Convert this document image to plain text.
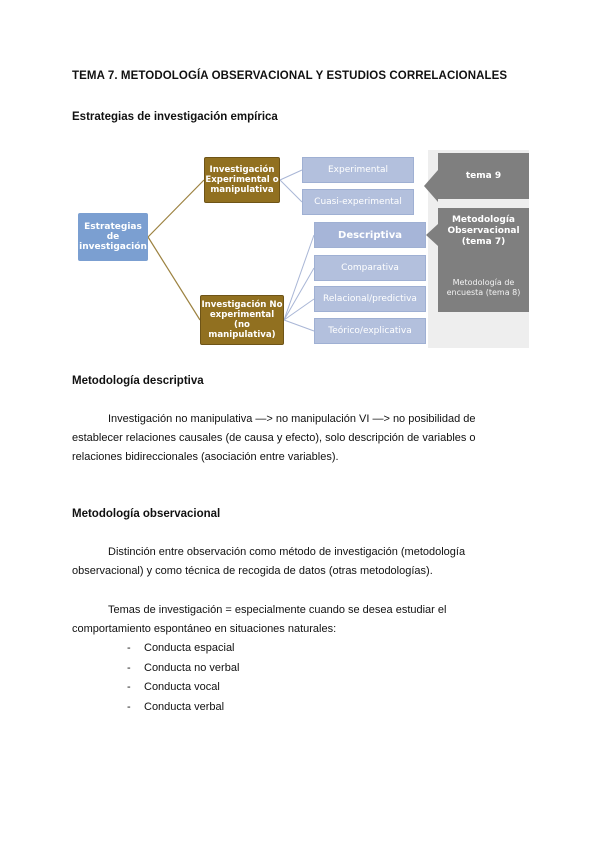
TEMA 7. METODOLOGÍA OBSERVACIONAL Y ESTUDIOS CORRELACIONALES
Estrategias de investigación empírica
Estrategias de investigación
Investigación Experimental o manipulativa
Investigación No experimental (no manipulativa)
Experimental
Cuasi-experimental
Descriptiva
Comparativa
Relacional/predictiva
Teórico/explicativa
tema 9
Metodología Observacional (tema 7)
Metodología de encuesta (tema 8)
Metodología descriptiva
Investigación no manipulativa —> no manipulación VI —> no posibilidad de establecer relaciones causales (de causa y efecto), solo descripción de variables o relaciones bidireccionales (asociación entre variables).
Metodología observacional
Distinción entre observación como método de investigación (metodología observacional) y como técnica de recogida de datos (otras metodologías).
Temas de investigación = especialmente cuando se desea estudiar el comportamiento espontáneo en situaciones naturales:
- Conducta espacial
- Conducta no verbal
- Conducta vocal
- Conducta verbal
